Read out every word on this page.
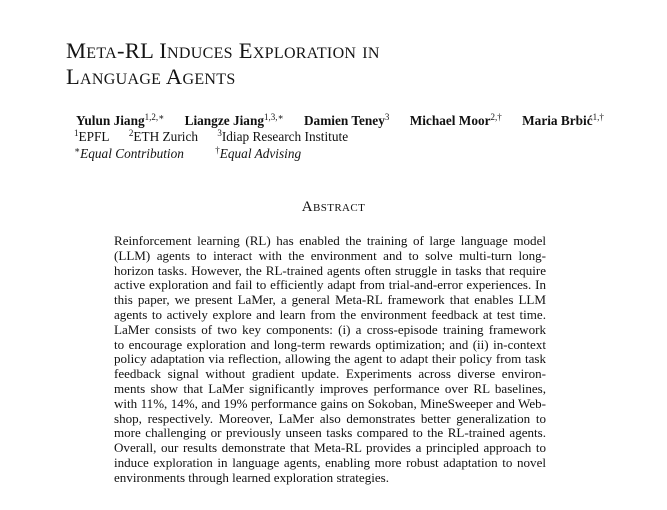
Meta-RL Induces Exploration in
Language Agents
Yulun Jiang$^{1,2,∗}$ Liangze Jiang$^{1,3,∗}$ Damien Teney$^3$ Michael Moor$^{2,\dagger}$ Maria Brbić$^{1,\dagger}$
$^1$EPFL $^2$ETH Zurich $^3$Idiap Research Institute
∗Equal Contribution	†Equal Advising
Abstract
Reinforcement learning (RL) has enabled the training of large language model
(LLM) agents to interact with the environment and to solve multi-turn long-
horizon tasks. However, the RL-trained agents often struggle in tasks that require
active exploration and fail to efficiently adapt from trial-and-error experiences. In
this paper, we present LaMer, a general Meta-RL framework that enables LLM
agents to actively explore and learn from the environment feedback at test time.
LaMer consists of two key components: (i) a cross-episode training framework
to encourage exploration and long-term rewards optimization; and (ii) in-context
policy adaptation via reflection, allowing the agent to adapt their policy from task
feedback signal without gradient update. Experiments across diverse environ-
ments show that LaMer significantly improves performance over RL baselines,
with 11%, 14%, and 19% performance gains on Sokoban, MineSweeper and Web-
shop, respectively. Moreover, LaMer also demonstrates better generalization to
more challenging or previously unseen tasks compared to the RL-trained agents.
Overall, our results demonstrate that Meta-RL provides a principled approach to
induce exploration in language agents, enabling more robust adaptation to novel
environments through learned exploration strategies.
